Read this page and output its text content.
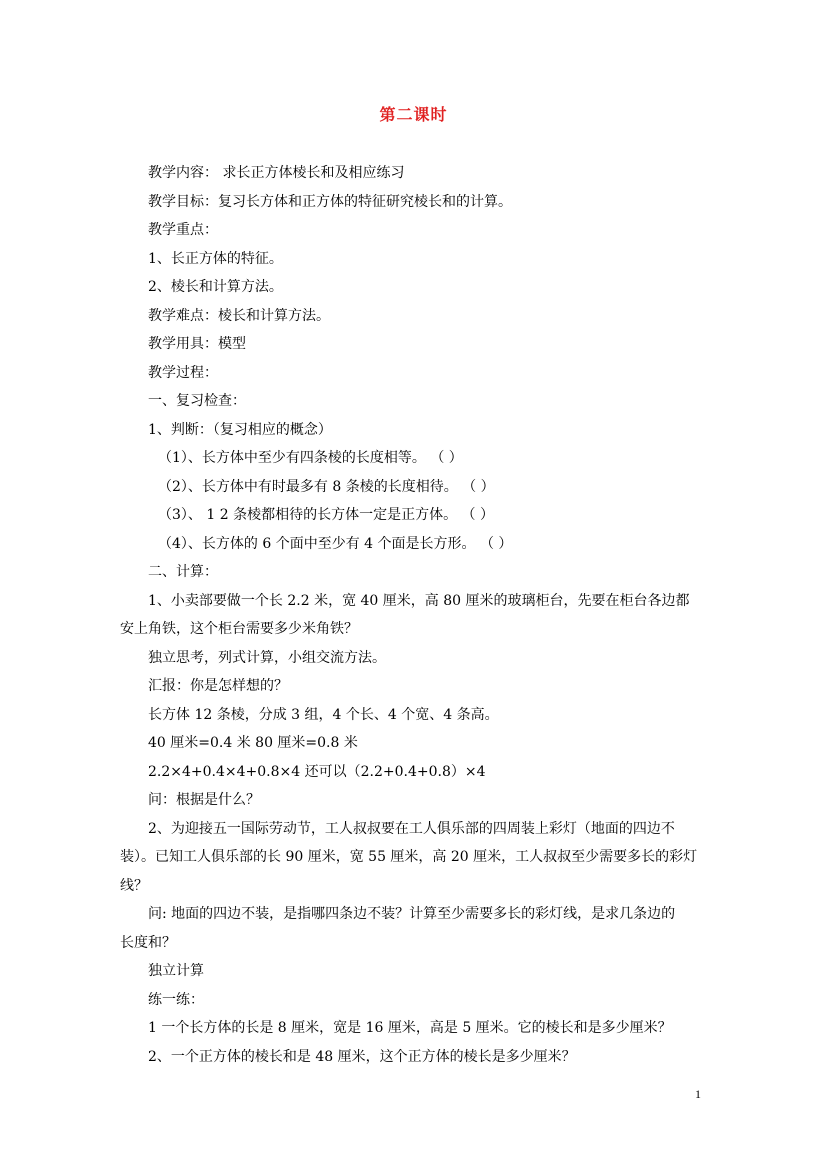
第二课时
教学内容： 求长正方体棱长和及相应练习
教学目标：复习长方体和正方体的特征研究棱长和的计算。
教学重点：
1、长正方体的特征。
2、棱长和计算方法。
教学难点：棱长和计算方法。
教学用具：模型
教学过程：
一、复习检查：
1、判断：（复习相应的概念）
（1）、长方体中至少有四条棱的长度相等。 （ ）
（2）、长方体中有时最多有 8 条棱的长度相待。 （ ）
（3）、 1 2 条棱都相待的长方体一定是正方体。 （ ）
（4）、长方体的 6 个面中至少有 4 个面是长方形。 （ ）
二、计算：
1、小卖部要做一个长 2.2 米，宽 40 厘米，高 80 厘米的玻璃柜台，先要在柜台各边都
安上角铁，这个柜台需要多少米角铁？
独立思考，列式计算，小组交流方法。
汇报：你是怎样想的？
长方体 12 条棱，分成 3 组，4 个长、4 个宽、4 条高。
40 厘米=0.4 米 80 厘米=0.8 米
2.2×4+0.4×4+0.8×4 还可以（2.2+0.4+0.8）×4
问：根据是什么？
2、为迎接五一国际劳动节，工人叔叔要在工人俱乐部的四周装上彩灯（地面的四边不
装）。已知工人俱乐部的长 90 厘米，宽 55 厘米，高 20 厘米，工人叔叔至少需要多长的彩灯
线？
问: 地面的四边不装，是指哪四条边不装？计算至少需要多长的彩灯线，是求几条边的
长度和？
独立计算
练一练：
1 一个长方体的长是 8 厘米，宽是 16 厘米，高是 5 厘米。它的棱长和是多少厘米？
2、一个正方体的棱长和是 48 厘米，这个正方体的棱长是多少厘米？
1
